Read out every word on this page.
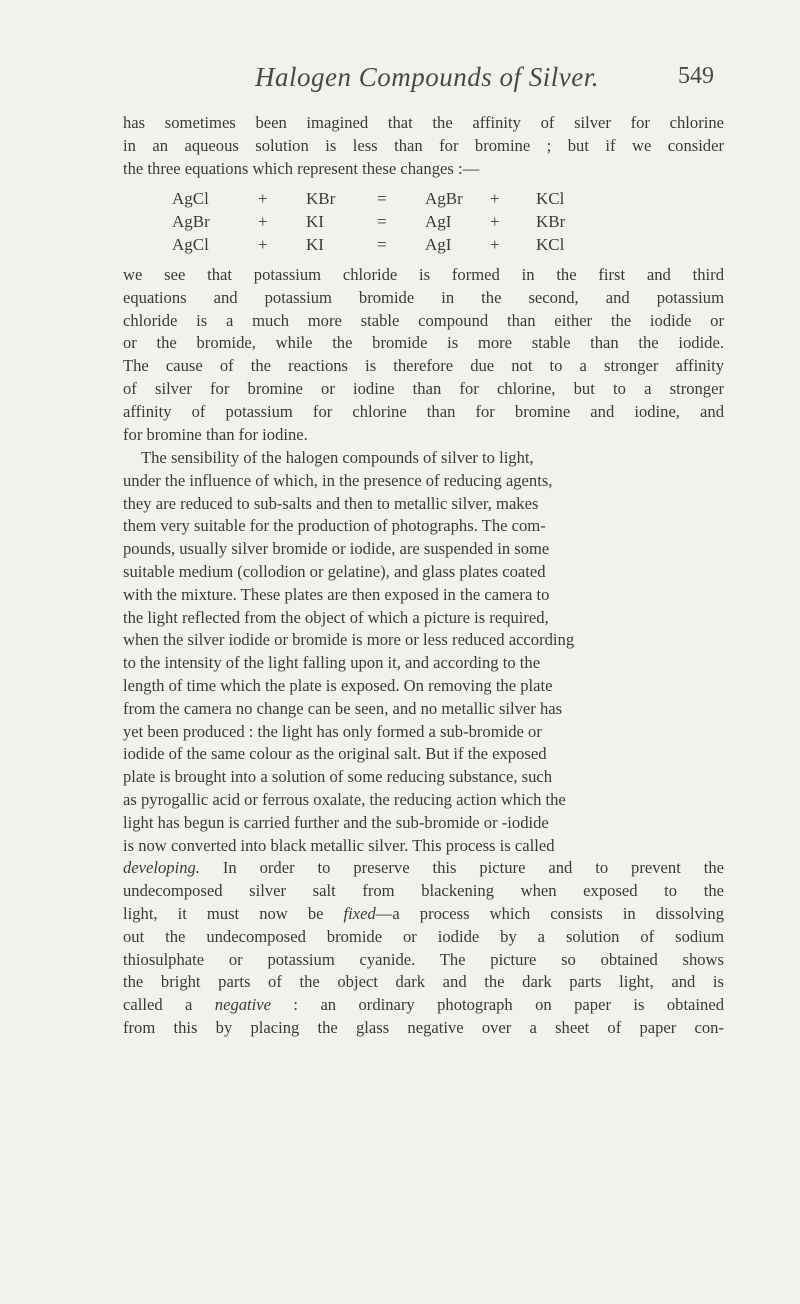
Halogen Compounds of Silver.	549
has sometimes been imagined that the affinity of silver for chlorine
in an aqueous solution is less than for bromine ; but if we consider
the three equations which represent these changes :—
AgCl	+ KBr = AgBr + KCl
AgBr	+ KI	= AgI + KBr
AgCl	+ KI	= AgI + KCl
we see that potassium chloride is formed in the first and third
equations and potassium bromide in the second, and potassium
chloride is a much more stable compound than either the iodide or
or the bromide, while the bromide is more stable than the iodide.
The cause of the reactions is therefore due not to a stronger affinity
of silver for bromine or iodine than for chlorine, but to a stronger
affinity of potassium for chlorine than for bromine and iodine, and
for bromine than for iodine.
The sensibility of the halogen compounds of silver to light,
under the influence of which, in the presence of reducing agents,
they are reduced to sub-salts and then to metallic silver, makes
them very suitable for the production of photographs. The com-
pounds, usually silver bromide or iodide, are suspended in some
suitable medium (collodion or gelatine), and glass plates coated
with the mixture. These plates are then exposed in the camera to
the light reflected from the object of which a picture is required,
when the silver iodide or bromide is more or less reduced according
to the intensity of the light falling upon it, and according to the
length of time which the plate is exposed. On removing the plate
from the camera no change can be seen, and no metallic silver has
yet been produced : the light has only formed a sub-bromide or
iodide of the same colour as the original salt. But if the exposed
plate is brought into a solution of some reducing substance, such
as pyrogallic acid or ferrous oxalate, the reducing action which the
light has begun is carried further and the sub-bromide or -iodide
is now converted into black metallic silver. This process is called
developing. In order to preserve this picture and to prevent the
undecomposed silver salt from blackening when exposed to the
light, it must now be fixed—a process which consists in dissolving
out the undecomposed bromide or iodide by a solution of sodium
thiosulphate or potassium cyanide. The picture so obtained shows
the bright parts of the object dark and the dark parts light, and is
called a negative : an ordinary photograph on paper is obtained
from this by placing the glass negative over a sheet of paper con-
